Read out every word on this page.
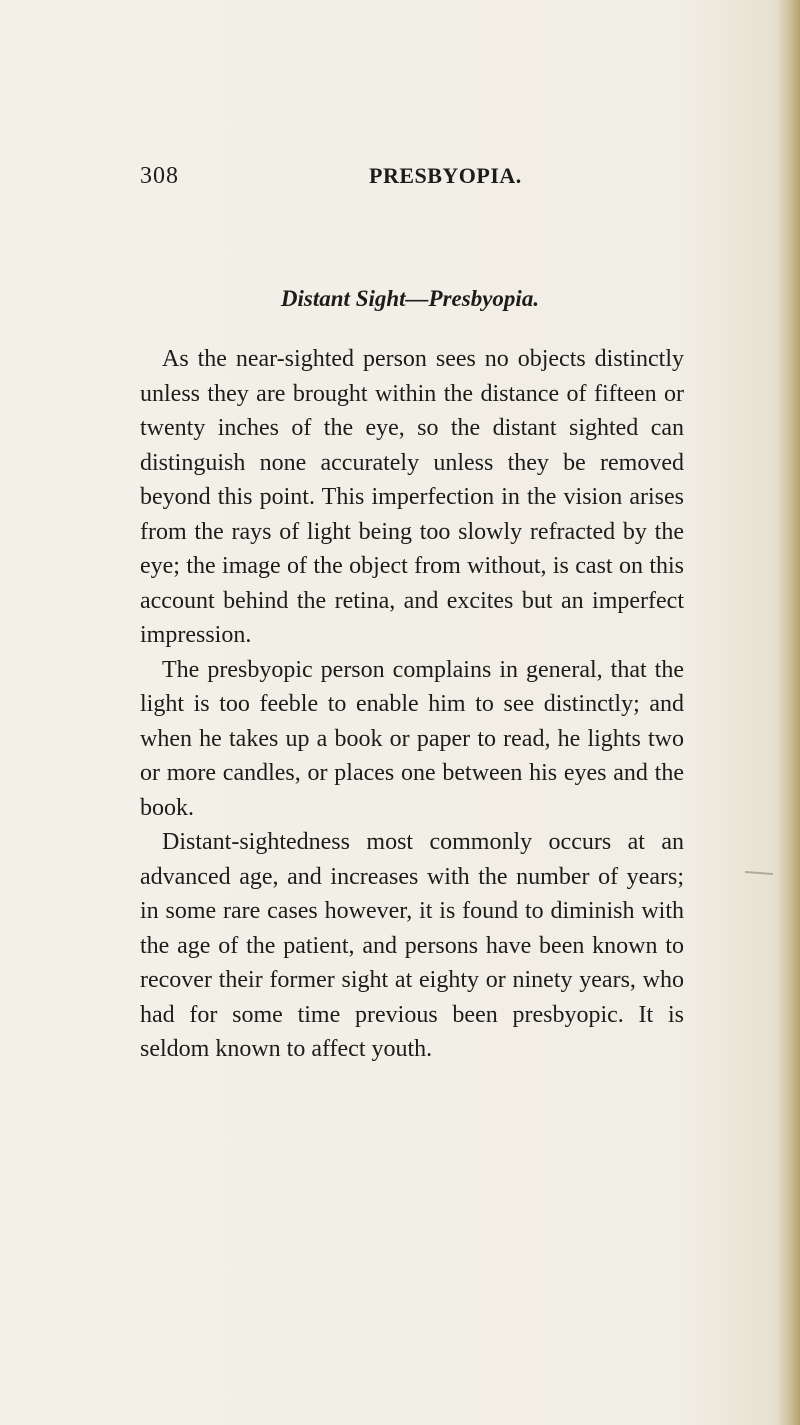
308	PRESBYOPIA.
Distant Sight—Presbyopia.

As the near-sighted person sees no objects distinctly unless they are brought within the distance of fifteen or twenty inches of the eye, so the distant sighted can distinguish none accurately unless they be removed beyond this point. This imperfection in the vision arises from the rays of light being too slowly refracted by the eye; the image of the object from without, is cast on this account behind the retina, and excites but an imperfect impression.

The presbyopic person complains in general, that the light is too feeble to enable him to see distinctly; and when he takes up a book or paper to read, he lights two or more candles, or places one between his eyes and the book.

Distant-sightedness most commonly occurs at an advanced age, and increases with the number of years; in some rare cases however, it is found to diminish with the age of the patient, and persons have been known to recover their former sight at eighty or ninety years, who had for some time previous been presbyopic. It is seldom known to affect youth.
